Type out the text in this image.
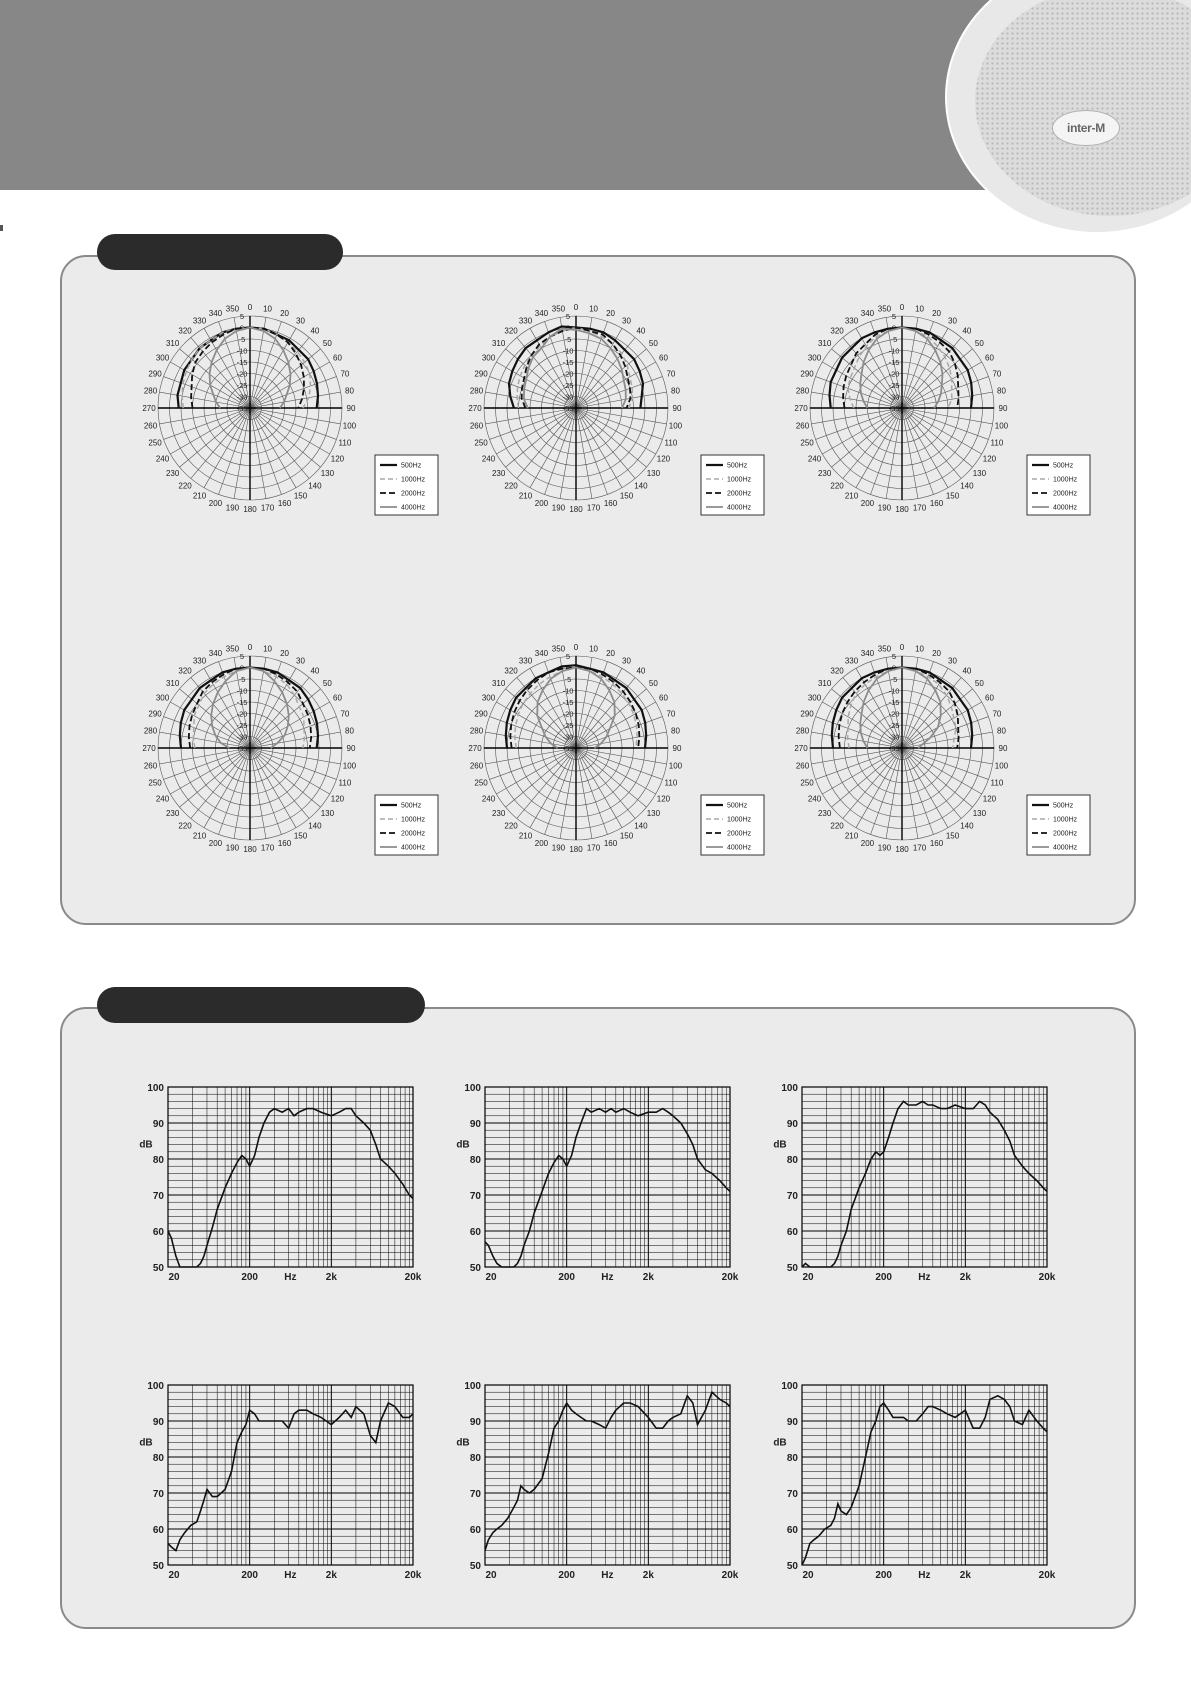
inter-M
0 10
20
30
40
50
60
70
80
90
100
110
120
130
140
150
160
170
180
190
200
210
220
230
240
250
260
270
280
290
300
310
320
330
340
350
5
0
-5
-10
-15
-20
-25
-30
-35
500Hz
1000Hz
2000Hz
4000Hz
0 10
20
30
40
50
60
70
80
90
100
110
120
130
140
150
160
170
180
190
200
210
220
230
240
250
260
270
280
290
300
310
320
330
340
350
5
0
-5
-10
-15
-20
-25
-30
-35
500Hz
1000Hz
2000Hz
4000Hz
0 10
20
30
40
50
60
70
80
90
100
110
120
130
140
150
160
170
180
190
200
210
220
230
240
250
260
270
280
290
300
310
320
330
340
350
5
0
-5
-10
-15
-20
-25
-30
-35
500Hz
1000Hz
2000Hz
4000Hz
0 10
20
30
40
50
60
70
80
90
100
110
120
130
140
150
160
170
180
190
200
210
220
230
240
250
260
270
280
290
300
310
320
330
340
350
5
0
-5
-10
-15
-20
-25
-30
-35
500Hz
1000Hz
2000Hz
4000Hz
0 10
20
30
40
50
60
70
80
90
100
110
120
130
140
150
160
170
180
190
200
210
220
230
240
250
260
270
280
290
300
310
320
330
340
350
5
0
-5
-10
-15
-20
-25
-30
-35
500Hz
1000Hz
2000Hz
4000Hz
0 10
20
30
40
50
60
70
80
90
100
110
120
130
140
150
160
170
180
190
200
210
220
230
240
250
260
270
280
290
300
310
320
330
340
350
5
0
-5
-10
-15
-20
-25
-30
-35
500Hz
1000Hz
2000Hz
4000Hz
50
60
70
80
90
100
dB
20	200	Hz	2k	20k
50
60
70
80
90
100
dB
20	200	Hz	2k	20k
50
60
70
80
90
100
dB
20	200	Hz	2k	20k
50
60
70
80
90
100
dB
20	200	Hz	2k	20k
50
60
70
80
90
100
dB
20	200	Hz	2k	20k
50
60
70
80
90
100
dB
20	200	Hz	2k	20k
